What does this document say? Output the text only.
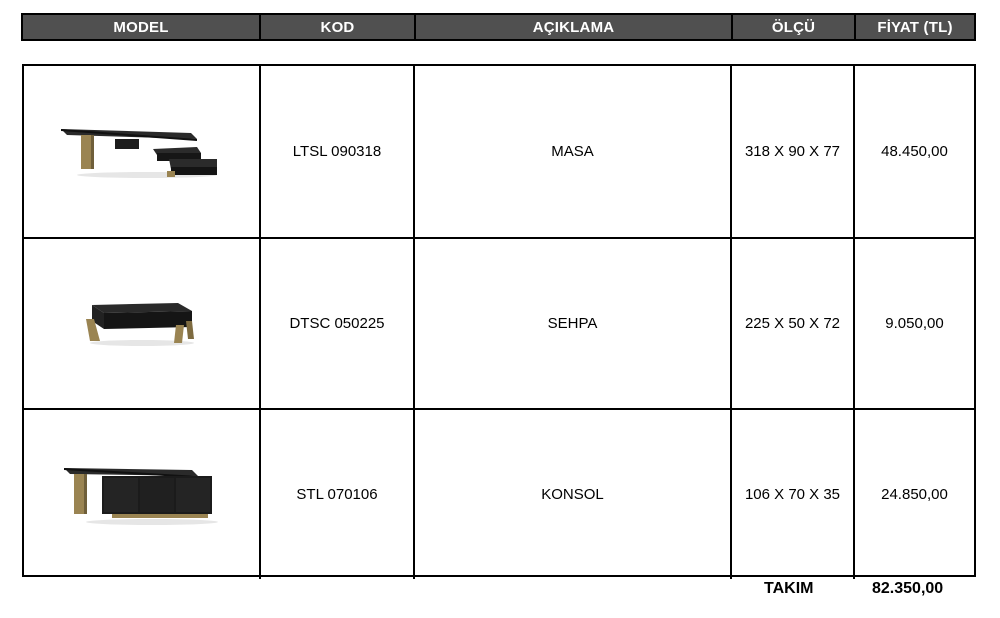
MODEL	KOD	AÇIKLAMA	ÖLÇÜ	FİYAT (TL)
LTSL 090318	MASA	318 X 90 X 77	48.450,00
DTSC 050225	SEHPA	225 X 50 X 72	9.050,00
STL 070106	KONSOL	106 X 70 X 35	24.850,00
TAKIM	82.350,00
